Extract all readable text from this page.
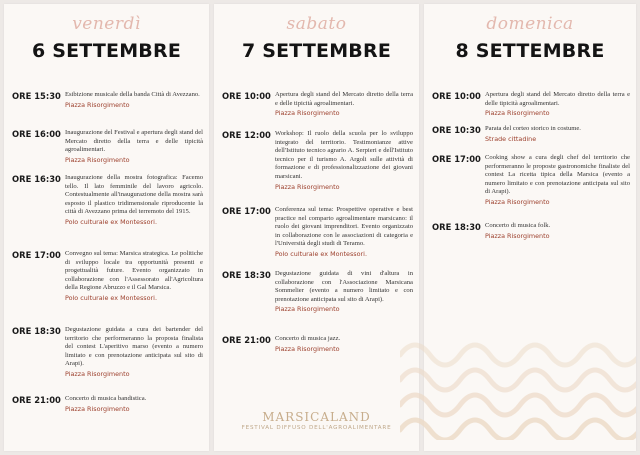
venerdì
6 SETTEMBRE
ORE 15:30 Esibizione musicale della banda Città di Avezzano.
Piazza Risorgimento
ORE 16:00 Inaugurazione del Festival e apertura degli stand del Mercato diretto della terra e delle tipicità agroalimentari.
Piazza Risorgimento
ORE 16:30 Inaugurazione della mostra fotografica: Facemo tello. Il lato femminile del lavoro agricolo. Contestualmente all'inaugurazione della mostra sarà esposto il plastico tridimensionale riproducente la città di Avezzano prima del terremoto del 1915.
Polo culturale ex Montessori.
ORE 17:00 Convegno sul tema: Marsica strategica. Le politiche di sviluppo locale tra opportunità presenti e progettualità future. Evento organizzato in collaborazione con l'Assessorato all'Agricoltura della Regione Abruzzo e il Gal Marsica.
Polo culturale ex Montessori.
ORE 18:30 Degustazione guidata a cura dei bartender del territorio che performeranno la proposta finalista del contest L'aperitivo marso (evento a numero limitato e con prenotazione anticipata sul sito di Arapi).
Piazza Risorgimento
ORE 21:00 Concerto di musica bandistica.
Piazza Risorgimento
sabato
7 SETTEMBRE
ORE 10:00 Apertura degli stand del Mercato diretto della terra e delle tipicità agroalimentari.
Piazza Risorgimento
ORE 12:00 Workshop: Il ruolo della scuola per lo sviluppo integrato del territorio. Testimonianze attive dell'Istituto tecnico agrario A. Serpieri e dell'Istituto tecnico per il turismo A. Argoli sulle attività di formazione e di professionalizzazione dei giovani marsicani.
Piazza Risorgimento
ORE 17:00 Conferenza sul tema: Prospettive operative e best practice nel comparto agroalimentare marsicano: il ruolo dei giovani imprenditori. Evento organizzato in collaborazione con le associazioni di categoria e l'Università degli studi di Teramo.
Polo culturale ex Montessori.
ORE 18:30 Degustazione guidata di vini d'altura in collaborazione con l'Associazione Marsicana Sommelier (evento a numero limitato e con prenotazione anticipata sul sito di Arapi).
Piazza Risorgimento
ORE 21:00 Concerto di musica jazz.
Piazza Risorgimento
domenica
8 SETTEMBRE
ORE 10:00 Apertura degli stand del Mercato diretto della terra e delle tipicità agroalimentari.
Piazza Risorgimento
ORE 10:30 Parata del corteo storico in costume.
Strade cittadine
ORE 17:00 Cooking show a cura degli chef del territorio che performeranno le proposte gastronomiche finaliste del contest La ricetta tipica della Marsica (evento a numero limitato e con prenotazione anticipata sul sito di Arapi).
Piazza Risorgimento
ORE 18:30 Concerto di musica folk.
Piazza Risorgimento
MARSICALAND
FESTIVAL DIFFUSO DELL'AGROALIMENTARE
